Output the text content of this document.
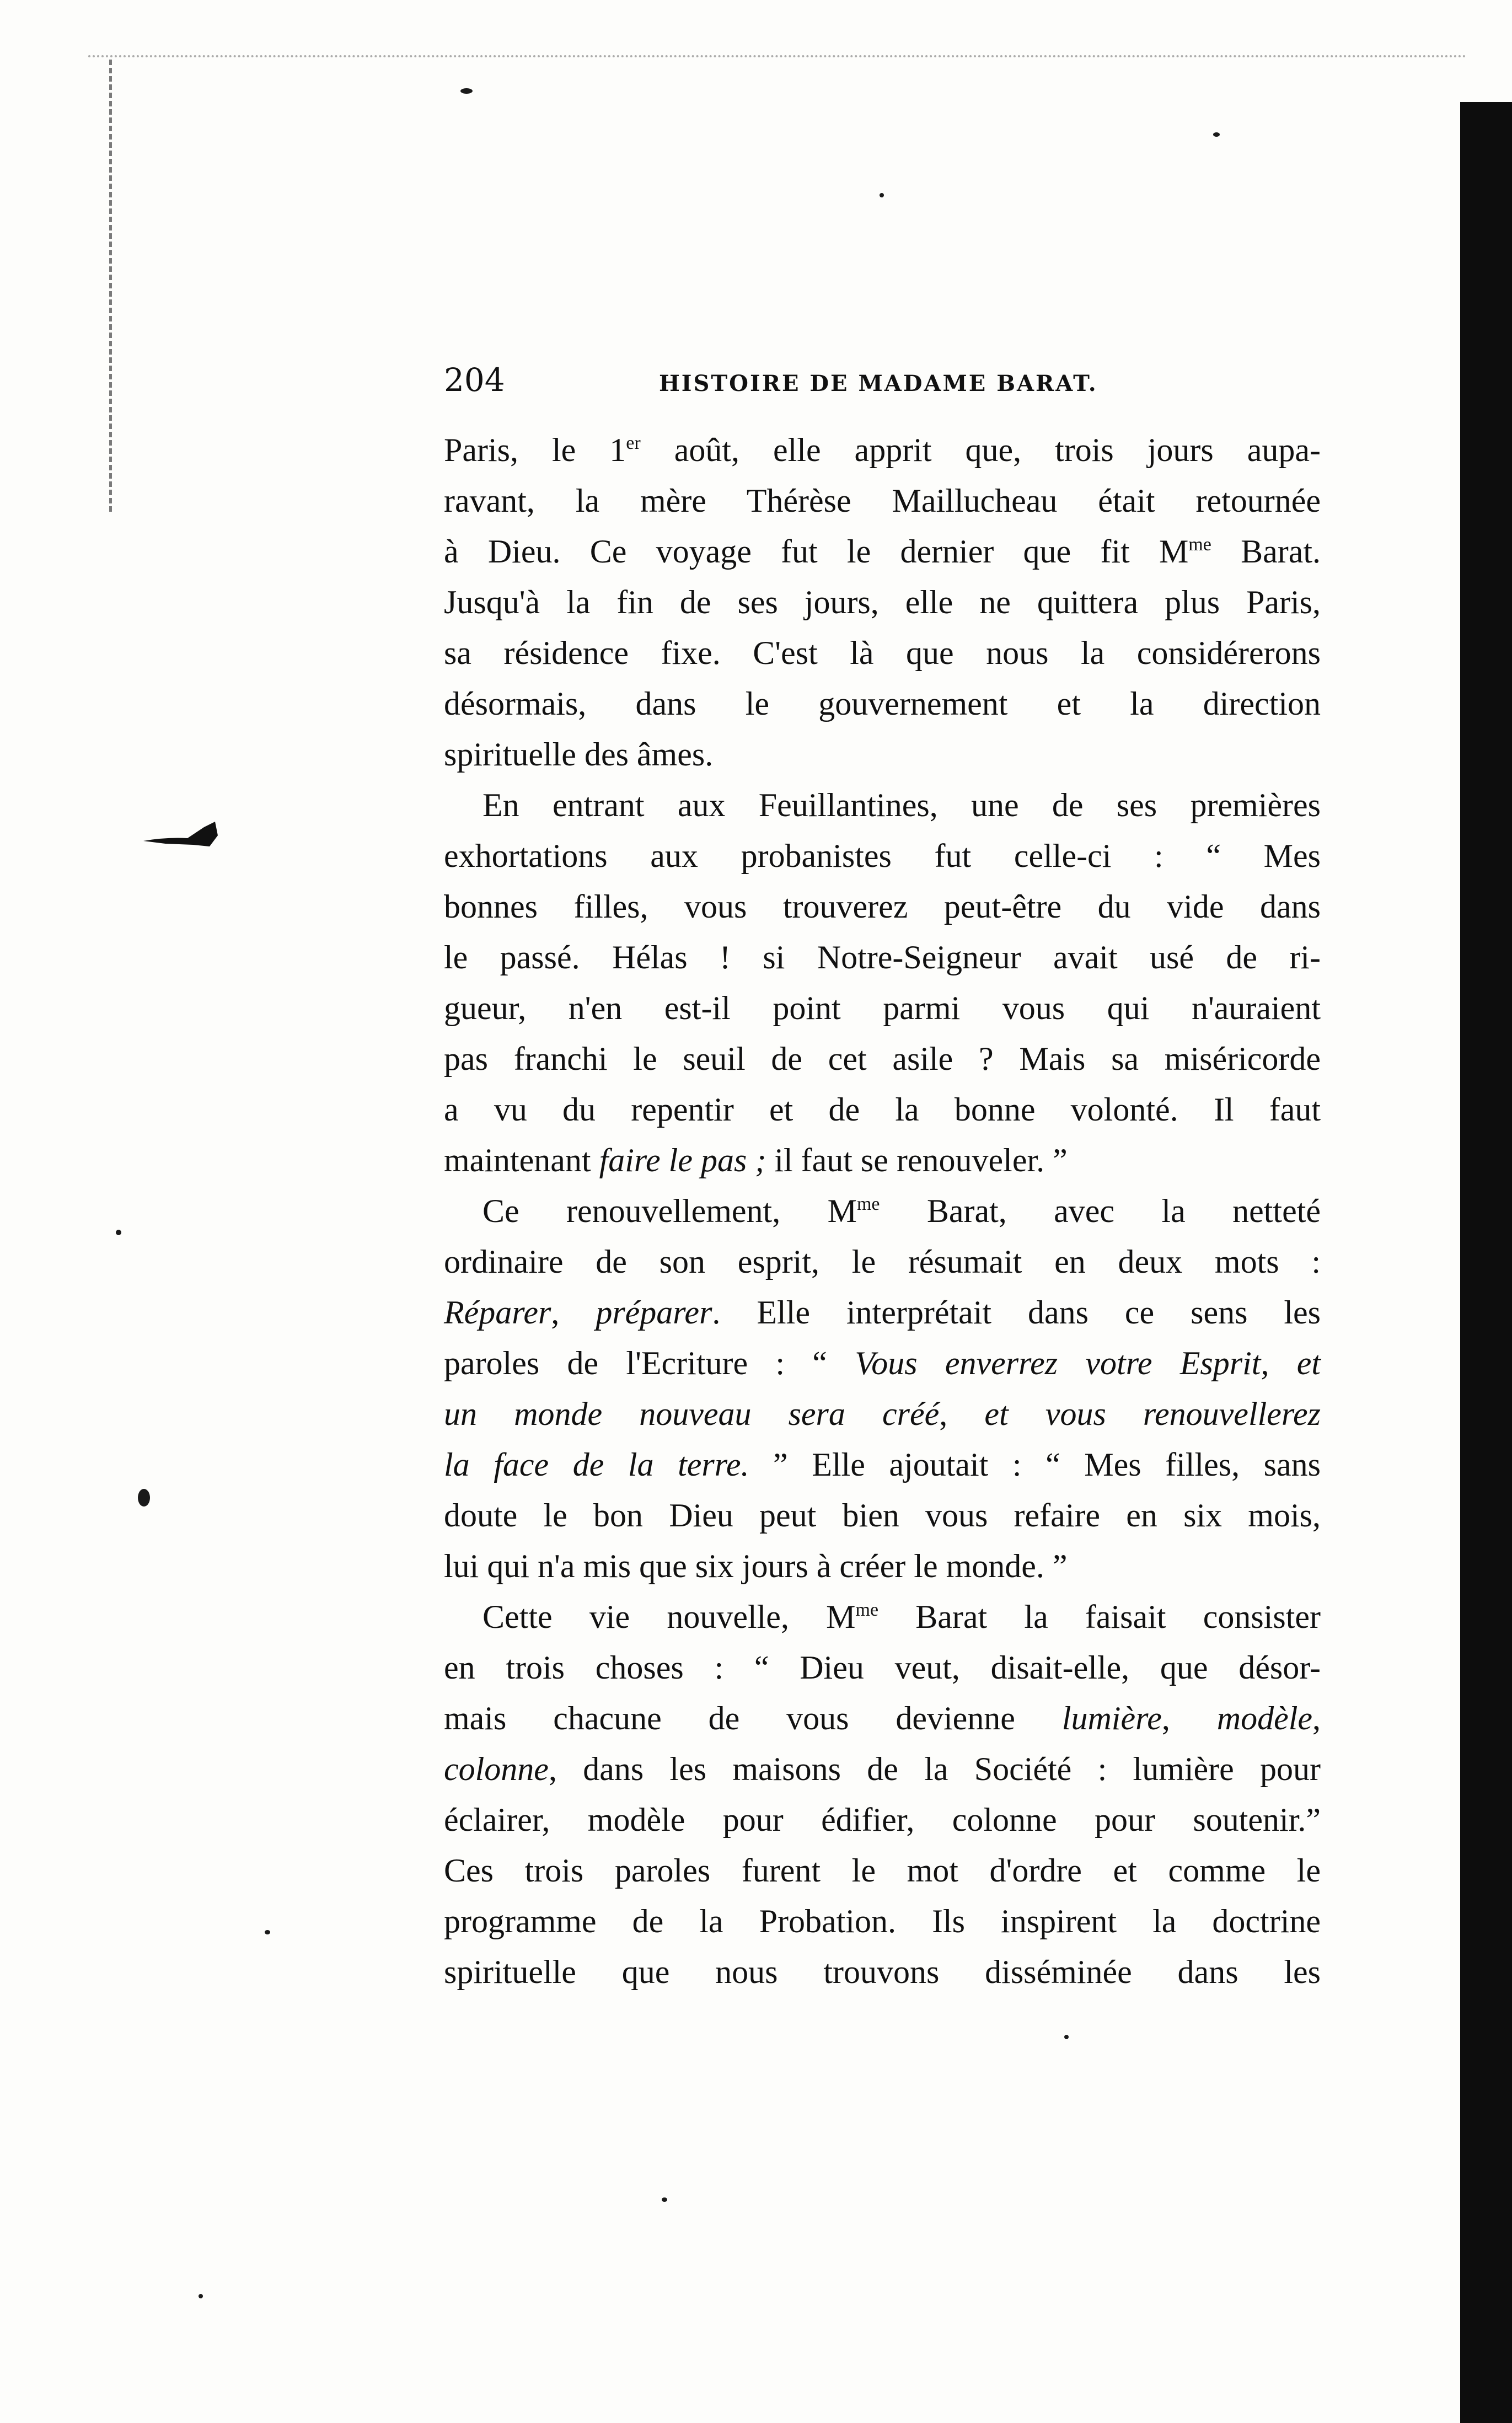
204	HISTOIRE DE MADAME BARAT.
Paris, le 1er août, elle apprit que, trois jours aupa-
ravant, la mère Thérèse Maillucheau était retournée
à Dieu. Ce voyage fut le dernier que fit $M^{me}$ Barat.
Jusqu'à la fin de ses jours, elle ne quittera plus Paris,
sa résidence fixe. C'est là que nous la considérerons
désormais, dans le gouvernement et la direction
spirituelle des âmes.
En entrant aux Feuillantines, une de ses premières
exhortations aux probanistes fut celle-ci : “ Mes
bonnes filles, vous trouverez peut-être du vide dans
le passé. Hélas ! si Notre-Seigneur avait usé de ri-
gueur, n'en est-il point parmi vous qui n'auraient
pas franchi le seuil de cet asile ? Mais sa miséricorde
a vu du repentir et de la bonne volonté. Il faut
maintenant faire le pas ; il faut se renouveler. ”
Ce renouvellement, $M^{me}$ Barat, avec la netteté
ordinaire de son esprit, le résumait en deux mots :
Réparer, préparer. Elle interprétait dans ce sens les
paroles de l'Ecriture : “ Vous enverrez votre Esprit, et
un monde nouveau sera créé, et vous renouvellerez
la face de la terre. ” Elle ajoutait : “ Mes filles, sans
doute le bon Dieu peut bien vous refaire en six mois,
lui qui n'a mis que six jours à créer le monde. ”
Cette vie nouvelle, $M^{me}$ Barat la faisait consister
en trois choses : “ Dieu veut, disait-elle, que désor-
mais chacune de vous devienne lumière, modèle,
colonne, dans les maisons de la Société : lumière pour
éclairer, modèle pour édifier, colonne pour soutenir.”
Ces trois paroles furent le mot d'ordre et comme le
programme de la Probation. Ils inspirent la doctrine
spirituelle que nous trouvons disséminée dans les
